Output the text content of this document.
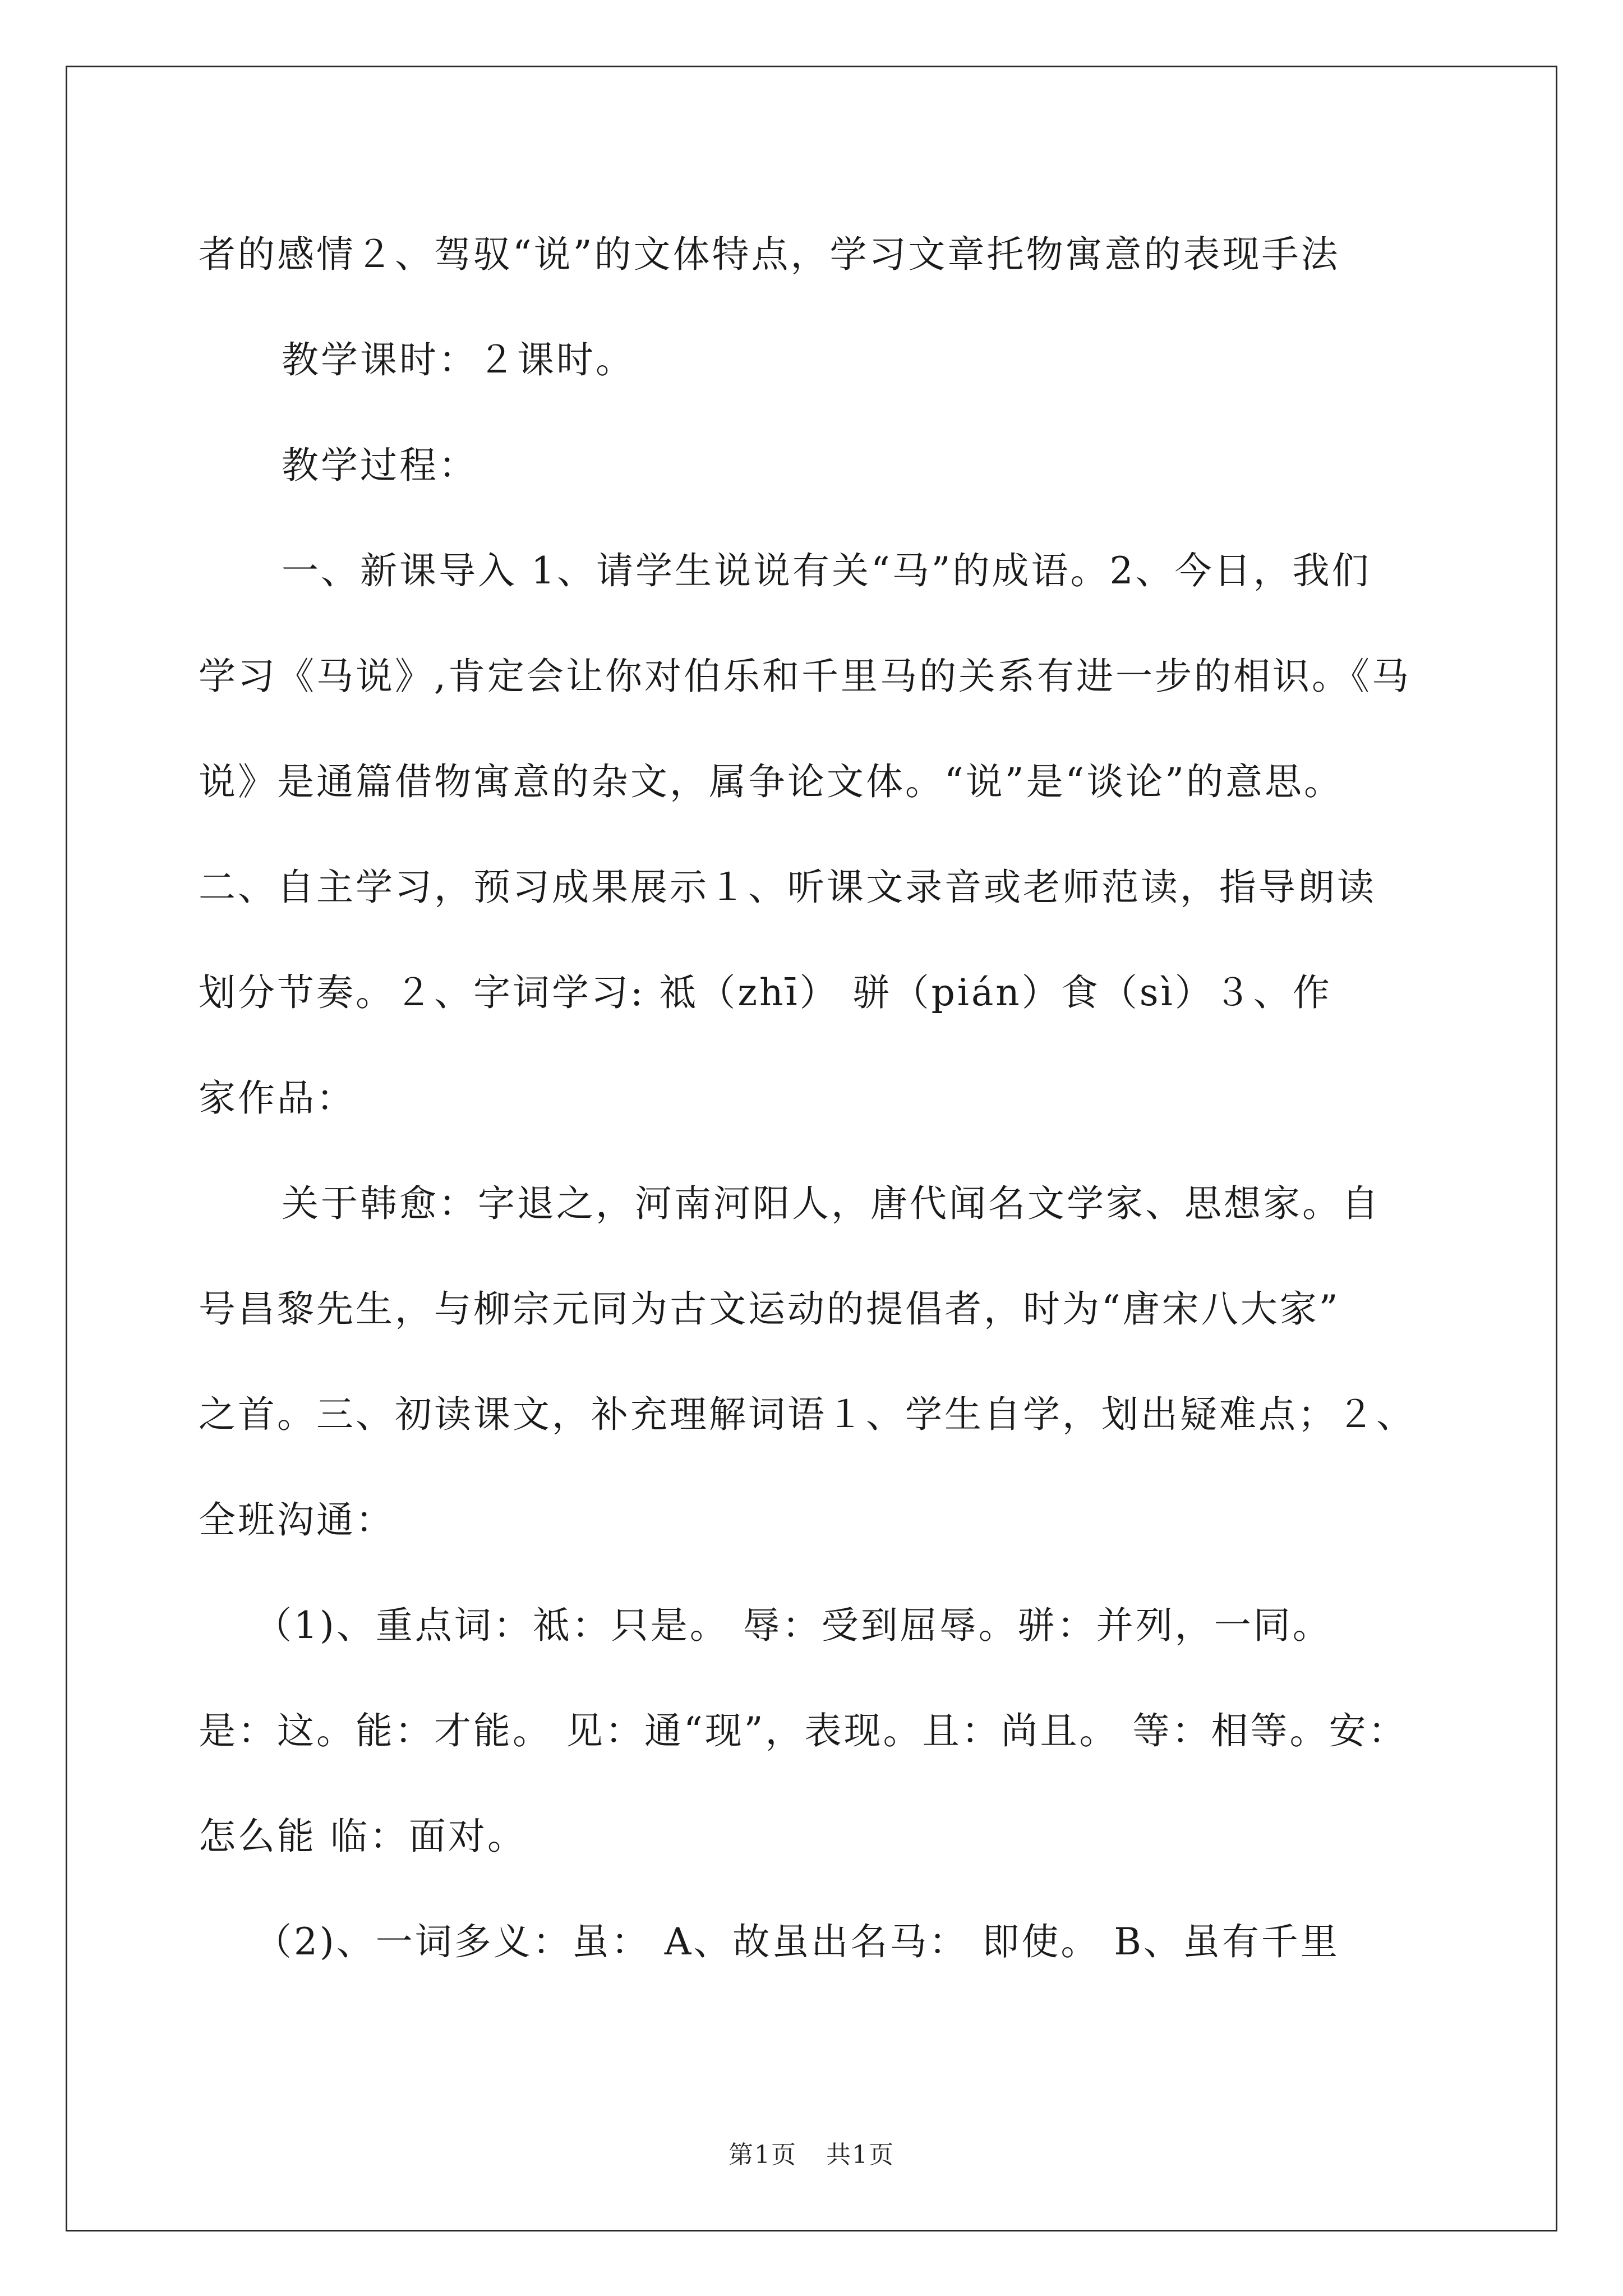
者的感情２、驾驭“说”的文体特点，学习文章托物寓意的表现手法
教学课时：２课时。
教学过程：
一、新课导入 1、请学生说说有关“马”的成语。2、今日，我们
学习《马说》,肯定会让你对伯乐和千里马的关系有进一步的相识。《马
说》是通篇借物寓意的杂文，属争论文体。“说”是“谈论”的意思。
二、自主学习，预习成果展示１、听课文录音或老师范读，指导朗读
划分节奏。２、字词学习: 祗（zhī） 骈（pián）食（sì）３、作
家作品：
关于韩愈：字退之，河南河阳人，唐代闻名文学家、思想家。自
号昌黎先生，与柳宗元同为古文运动的提倡者，时为“唐宋八大家”
之首。三、初读课文，补充理解词语１、学生自学，划出疑难点；２、
全班沟通：
（1)、重点词：祗：只是。 辱：受到屈辱。骈：并列，一同。
是：这。能：才能。 见：通“现”，表现。且：尚且。 等：相等。安：
怎么能 临：面对。
（2)、一词多义：虽： A、故虽出名马： 即使。 B、虽有千里
第1页 共1页
